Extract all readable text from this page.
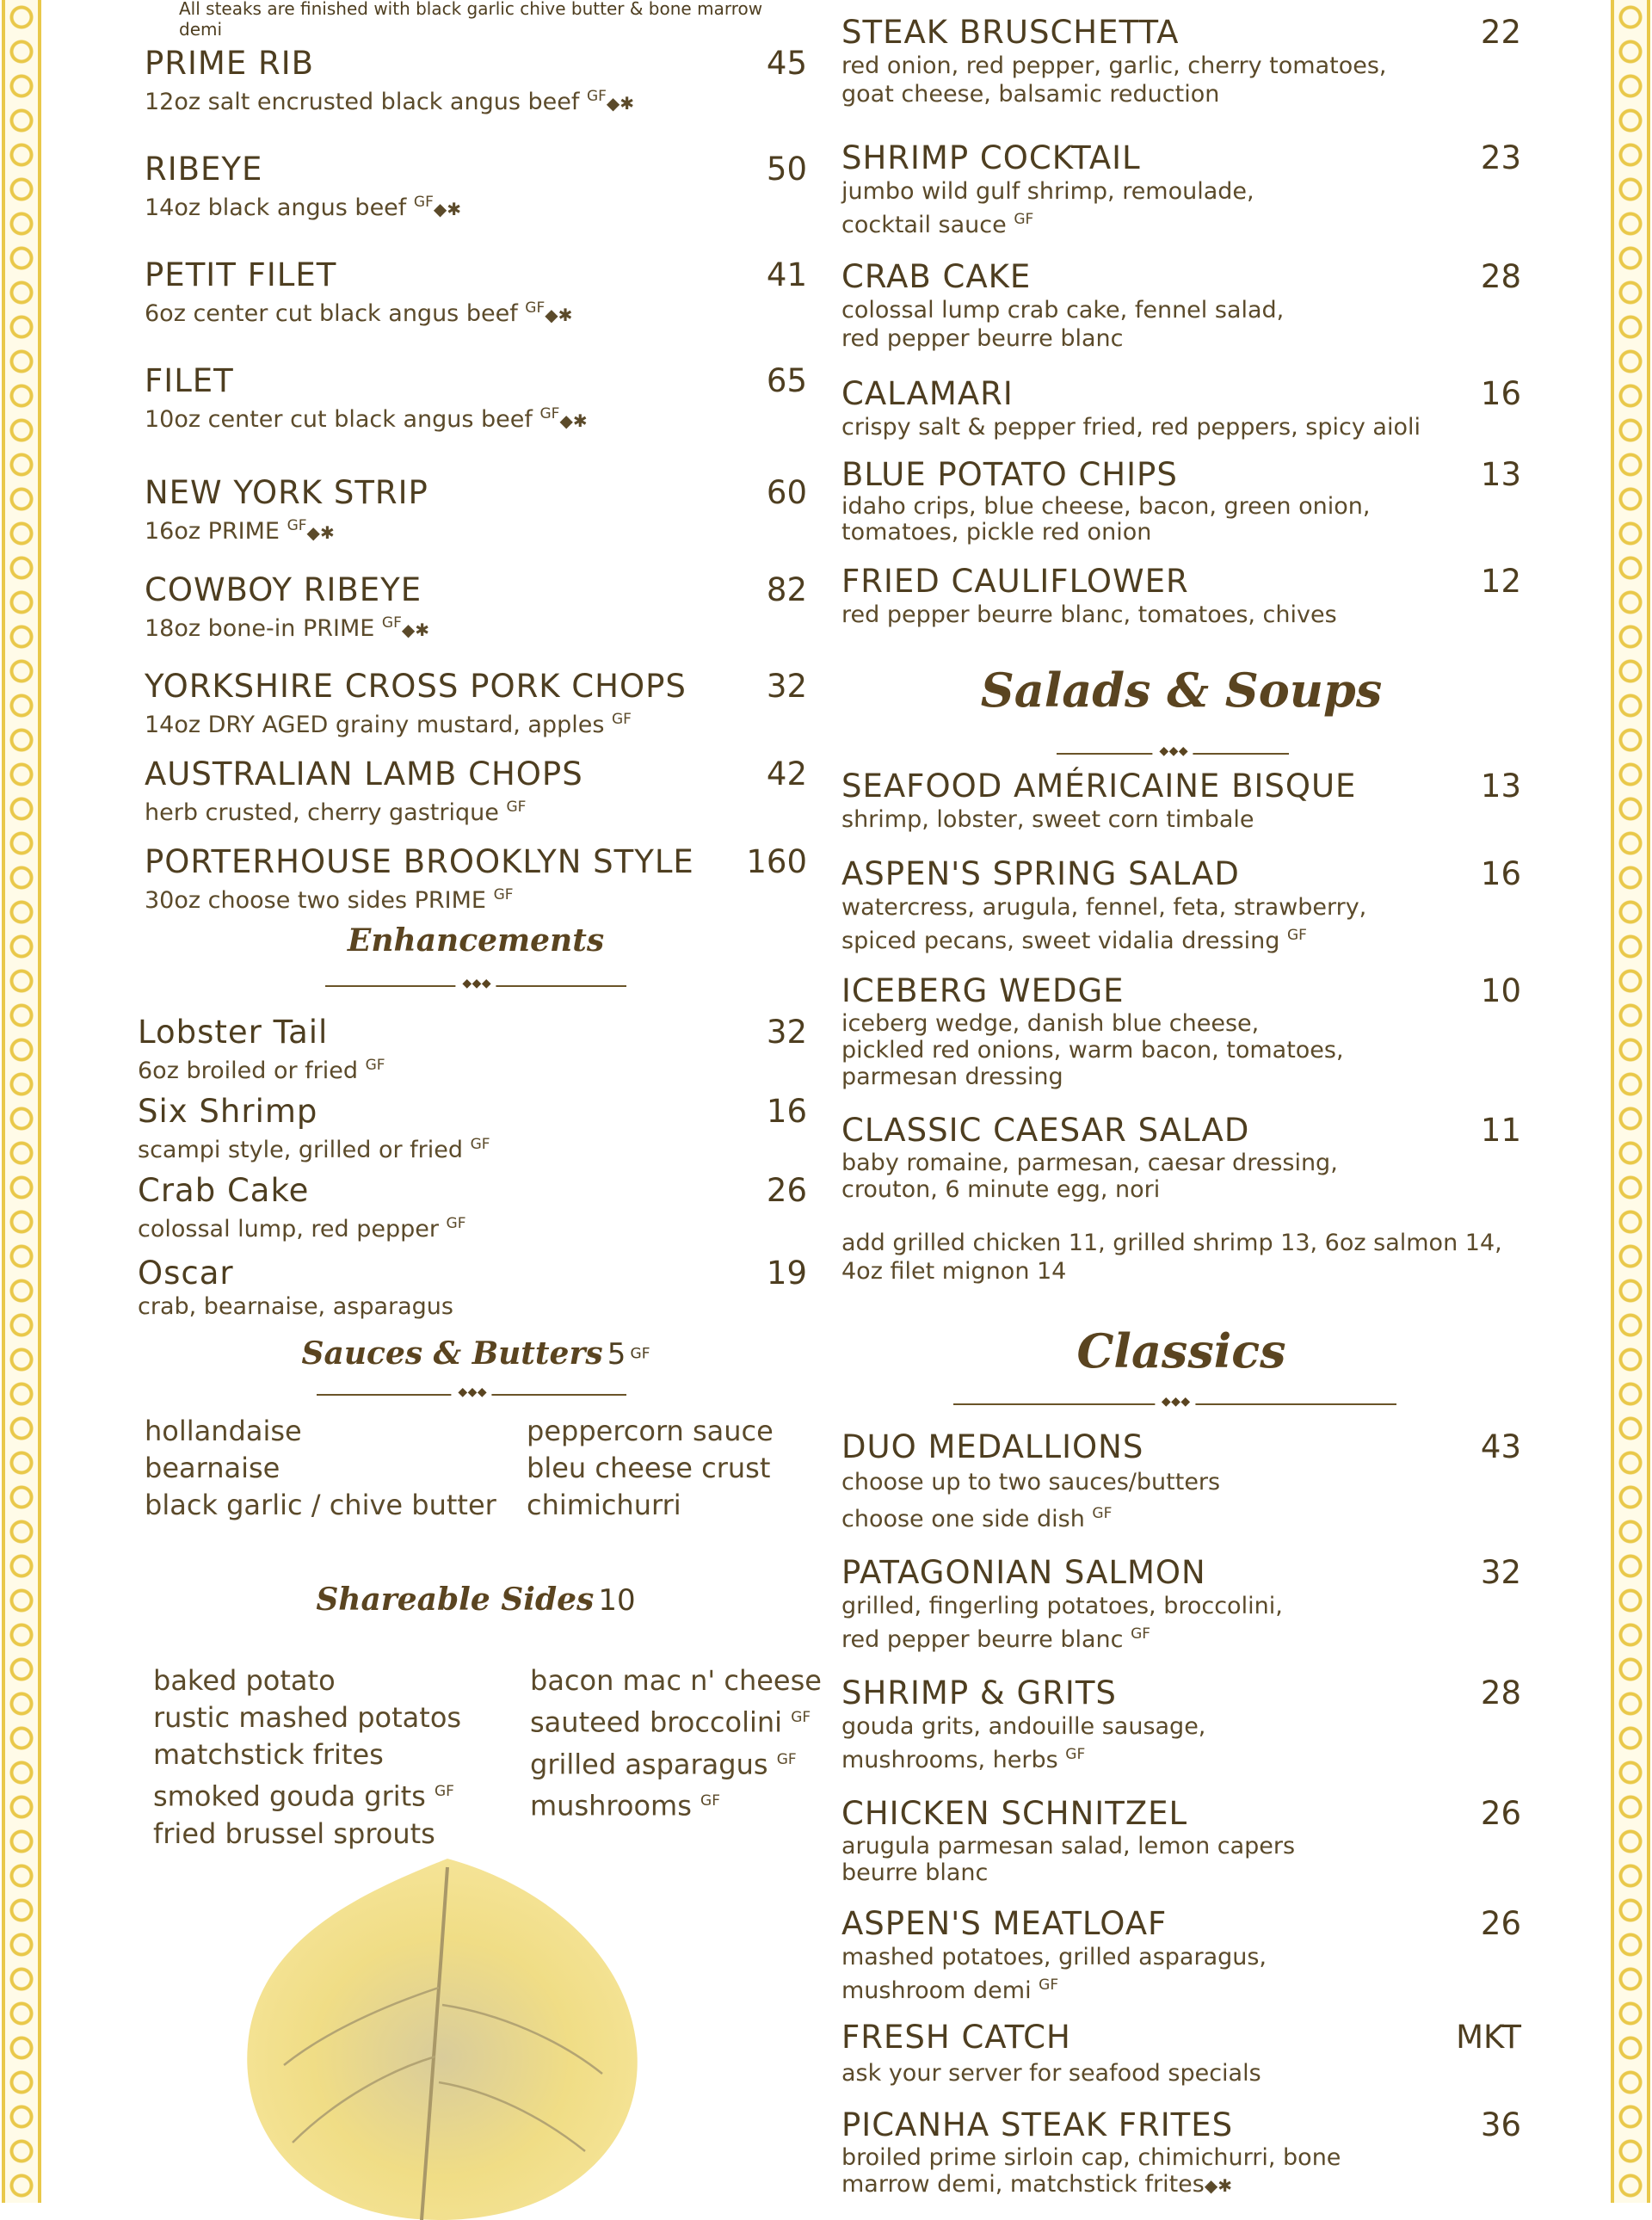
All steaks are finished with black garlic chive butter & bone marrow demi
PRIME RIB	45
12oz salt encrusted black angus beef $^{GF}$◆✱
RIBEYE	50
14oz black angus beef $^{GF}$◆✱
PETIT FILET	41
6oz center cut black angus beef $^{GF}$◆✱
FILET	65
10oz center cut black angus beef $^{GF}$◆✱
NEW YORK STRIP	60
16oz PRIME $^{GF}$◆✱
COWBOY RIBEYE	82
18oz bone-in PRIME $^{GF}$◆✱
YORKSHIRE CROSS PORK CHOPS	32
14oz DRY AGED grainy mustard, apples $^{GF}$
AUSTRALIAN LAMB CHOPS	42
herb crusted, cherry gastrique $^{GF}$
PORTERHOUSE BROOKLYN STYLE	160
30oz choose two sides PRIME $^{GF}$
Enhancements
◆ ◆ ◆
Lobster Tail	32
6oz broiled or fried $^{GF}$
Six Shrimp	16
scampi style, grilled or fried $^{GF}$
Crab Cake	26
colossal lump, red pepper $^{GF}$
Oscar	19
crab, bearnaise, asparagus
Sauces & Butters 5 GF
◆ ◆ ◆
hollandaise
bearnaise
black garlic / chive butter
peppercorn sauce
bleu cheese crust
chimichurri
Shareable Sides 10
baked potato
rustic mashed potatos
matchstick frites
smoked gouda grits $^{GF}$
fried brussel sprouts
bacon mac n' cheese
sauteed broccolini $^{GF}$
grilled asparagus $^{GF}$
mushrooms $^{GF}$
STEAK BRUSCHETTA	22
red onion, red pepper, garlic, cherry tomatoes,
goat cheese, balsamic reduction
SHRIMP COCKTAIL	23
jumbo wild gulf shrimp, remoulade,
cocktail sauce $^{GF}$
CRAB CAKE	28
colossal lump crab cake, fennel salad,
red pepper beurre blanc
CALAMARI	16
crispy salt & pepper fried, red peppers, spicy aioli
BLUE POTATO CHIPS	13
idaho crips, blue cheese, bacon, green onion,
tomatoes, pickle red onion
FRIED CAULIFLOWER	12
red pepper beurre blanc, tomatoes, chives
Salads & Soups
◆ ◆ ◆
SEAFOOD AMÉRICAINE BISQUE	13
shrimp, lobster, sweet corn timbale
ASPEN'S SPRING SALAD	16
watercress, arugula, fennel, feta, strawberry,
spiced pecans, sweet vidalia dressing $^{GF}$
ICEBERG WEDGE	10
iceberg wedge, danish blue cheese,
pickled red onions, warm bacon, tomatoes,
parmesan dressing
CLASSIC CAESAR SALAD	11
baby romaine, parmesan, caesar dressing,
crouton, 6 minute egg, nori
add grilled chicken 11, grilled shrimp 13, 6oz salmon 14,
4oz filet mignon 14
Classics
◆ ◆ ◆
DUO MEDALLIONS	43
choose up to two sauces/butters
choose one side dish $^{GF}$
PATAGONIAN SALMON	32
grilled, fingerling potatoes, broccolini,
red pepper beurre blanc $^{GF}$
SHRIMP & GRITS	28
gouda grits, andouille sausage,
mushrooms, herbs $^{GF}$
CHICKEN SCHNITZEL	26
arugula parmesan salad, lemon capers
beurre blanc
ASPEN'S MEATLOAF	26
mashed potatoes, grilled asparagus,
mushroom demi $^{GF}$
FRESH CATCH	MKT
ask your server for seafood specials
PICANHA STEAK FRITES	36
broiled prime sirloin cap, chimichurri, bone
marrow demi, matchstick frites◆✱
